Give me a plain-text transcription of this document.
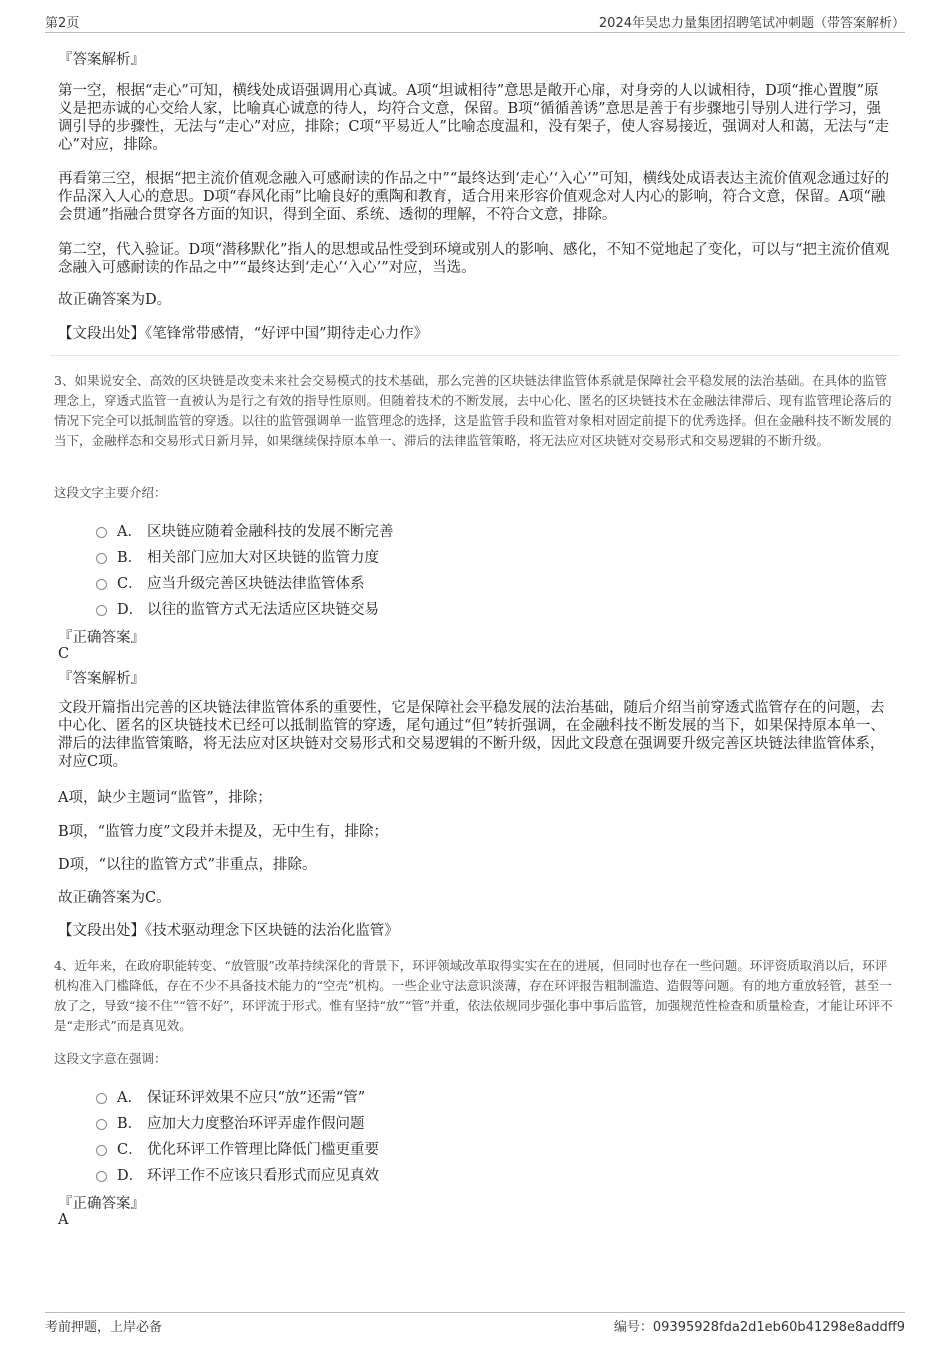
第2页	2024年吴忠力量集团招聘笔试冲刺题（带答案解析）
『答案解析』
第一空，根据“走心”可知，横线处成语强调用心真诚。A项“坦诚相待”意思是敞开心扉，对身旁的人以诚相待，D项“推心置腹”原义是把赤诚的心交给人家，比喻真心诚意的待人，均符合文意，保留。B项“循循善诱”意思是善于有步骤地引导别人进行学习，强调引导的步骤性，无法与“走心”对应，排除；C项“平易近人”比喻态度温和，没有架子，使人容易接近，强调对人和蔼，无法与“走心”对应，排除。
再看第三空，根据“把主流价值观念融入可感耐读的作品之中”“最终达到‘走心’‘入心’”可知，横线处成语表达主流价值观念通过好的作品深入人心的意思。D项“春风化雨”比喻良好的熏陶和教育，适合用来形容价值观念对人内心的影响，符合文意，保留。A项“融会贯通”指融合贯穿各方面的知识，得到全面、系统、透彻的理解，不符合文意，排除。
第二空，代入验证。D项“潜移默化”指人的思想或品性受到环境或别人的影响、感化，不知不觉地起了变化，可以与“把主流价值观念融入可感耐读的作品之中”“最终达到‘走心’‘入心’”对应，当选。
故正确答案为D。
【文段出处】《笔锋常带感情，“好评中国”期待走心力作》
3、如果说安全、高效的区块链是改变未来社会交易模式的技术基础，那么完善的区块链法律监管体系就是保障社会平稳发展的法治基础。在具体的监管理念上，穿透式监管一直被认为是行之有效的指导性原则。但随着技术的不断发展，去中心化、匿名的区块链技术在金融法律滞后、现有监管理论落后的情况下完全可以抵制监管的穿透。以往的监管强调单一监管理念的选择，这是监管手段和监管对象相对固定前提下的优秀选择。但在金融科技不断发展的当下，金融样态和交易形式日新月异，如果继续保持原本单一、滞后的法律监管策略，将无法应对区块链对交易形式和交易逻辑的不断升级。
这段文字主要介绍：
A． 区块链应随着金融科技的发展不断完善
B． 相关部门应加大对区块链的监管力度
C． 应当升级完善区块链法律监管体系
D． 以往的监管方式无法适应区块链交易
『正确答案』
C
『答案解析』
文段开篇指出完善的区块链法律监管体系的重要性，它是保障社会平稳发展的法治基础，随后介绍当前穿透式监管存在的问题，去中心化、匿名的区块链技术已经可以抵制监管的穿透，尾句通过“但”转折强调，在金融科技不断发展的当下，如果保持原本单一、滞后的法律监管策略，将无法应对区块链对交易形式和交易逻辑的不断升级，因此文段意在强调要升级完善区块链法律监管体系，对应C项。
A项，缺少主题词“监管”，排除；
B项，“监管力度”文段并未提及，无中生有，排除；
D项，“以往的监管方式”非重点，排除。
故正确答案为C。
【文段出处】《技术驱动理念下区块链的法治化监管》
4、近年来，在政府职能转变、“放管服”改革持续深化的背景下，环评领域改革取得实实在在的进展，但同时也存在一些问题。环评资质取消以后，环评机构准入门槛降低，存在不少不具备技术能力的“空壳”机构。一些企业守法意识淡薄，存在环评报告粗制滥造、造假等问题。有的地方重放轻管，甚至一放了之，导致“接不住”“管不好”，环评流于形式。惟有坚持“放”“管”并重，依法依规同步强化事中事后监管，加强规范性检查和质量检查，才能让环评不是“走形式”而是真见效。
这段文字意在强调：
A． 保证环评效果不应只“放”还需“管”
B． 应加大力度整治环评弄虚作假问题
C． 优化环评工作管理比降低门槛更重要
D． 环评工作不应该只看形式而应见真效
『正确答案』
A
考前押题，上岸必备	编号：09395928fda2d1eb60b41298e8addff9
